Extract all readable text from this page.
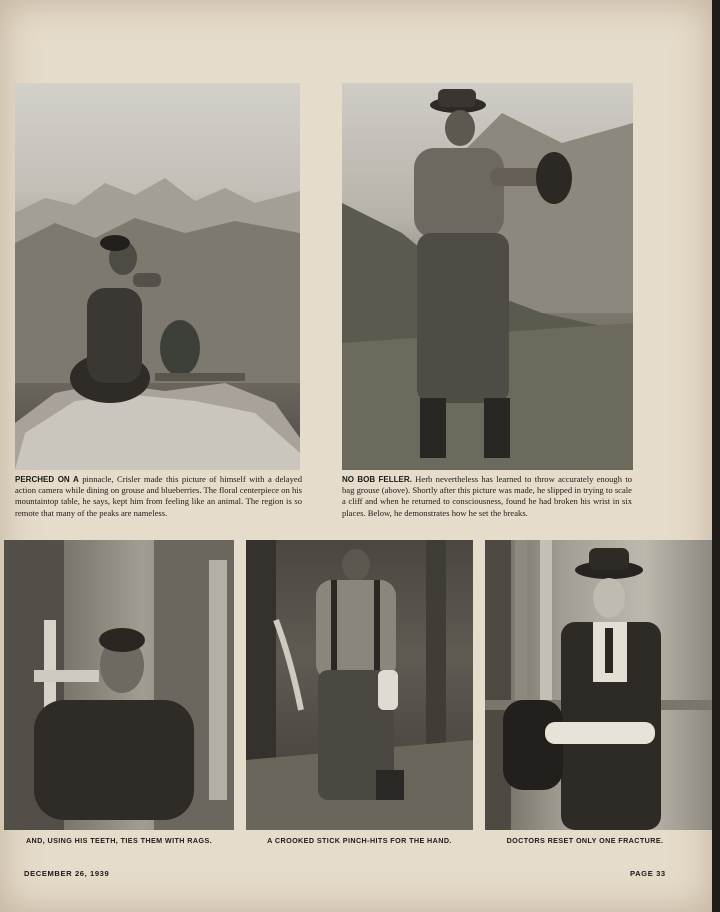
PERCHED ON A pinnacle, Crisler made this picture of himself with a delayed action camera while dining on grouse and blueberries. The floral centerpiece on his mountaintop table, he says, kept him from feeling like an animal. The region is so remote that many of the peaks are nameless.
NO BOB FELLER. Herb nevertheless has learned to throw accurately enough to bag grouse (above). Shortly after this picture was made, he slipped in trying to scale a cliff and when he returned to consciousness, found he had broken his wrist in six places. Below, he demonstrates how he set the breaks.
AND, USING HIS TEETH, TIES THEM WITH RAGS.	A CROOKED STICK PINCH-HITS FOR THE HAND.	DOCTORS RESET ONLY ONE FRACTURE.
DECEMBER 26, 1939	PAGE 33
